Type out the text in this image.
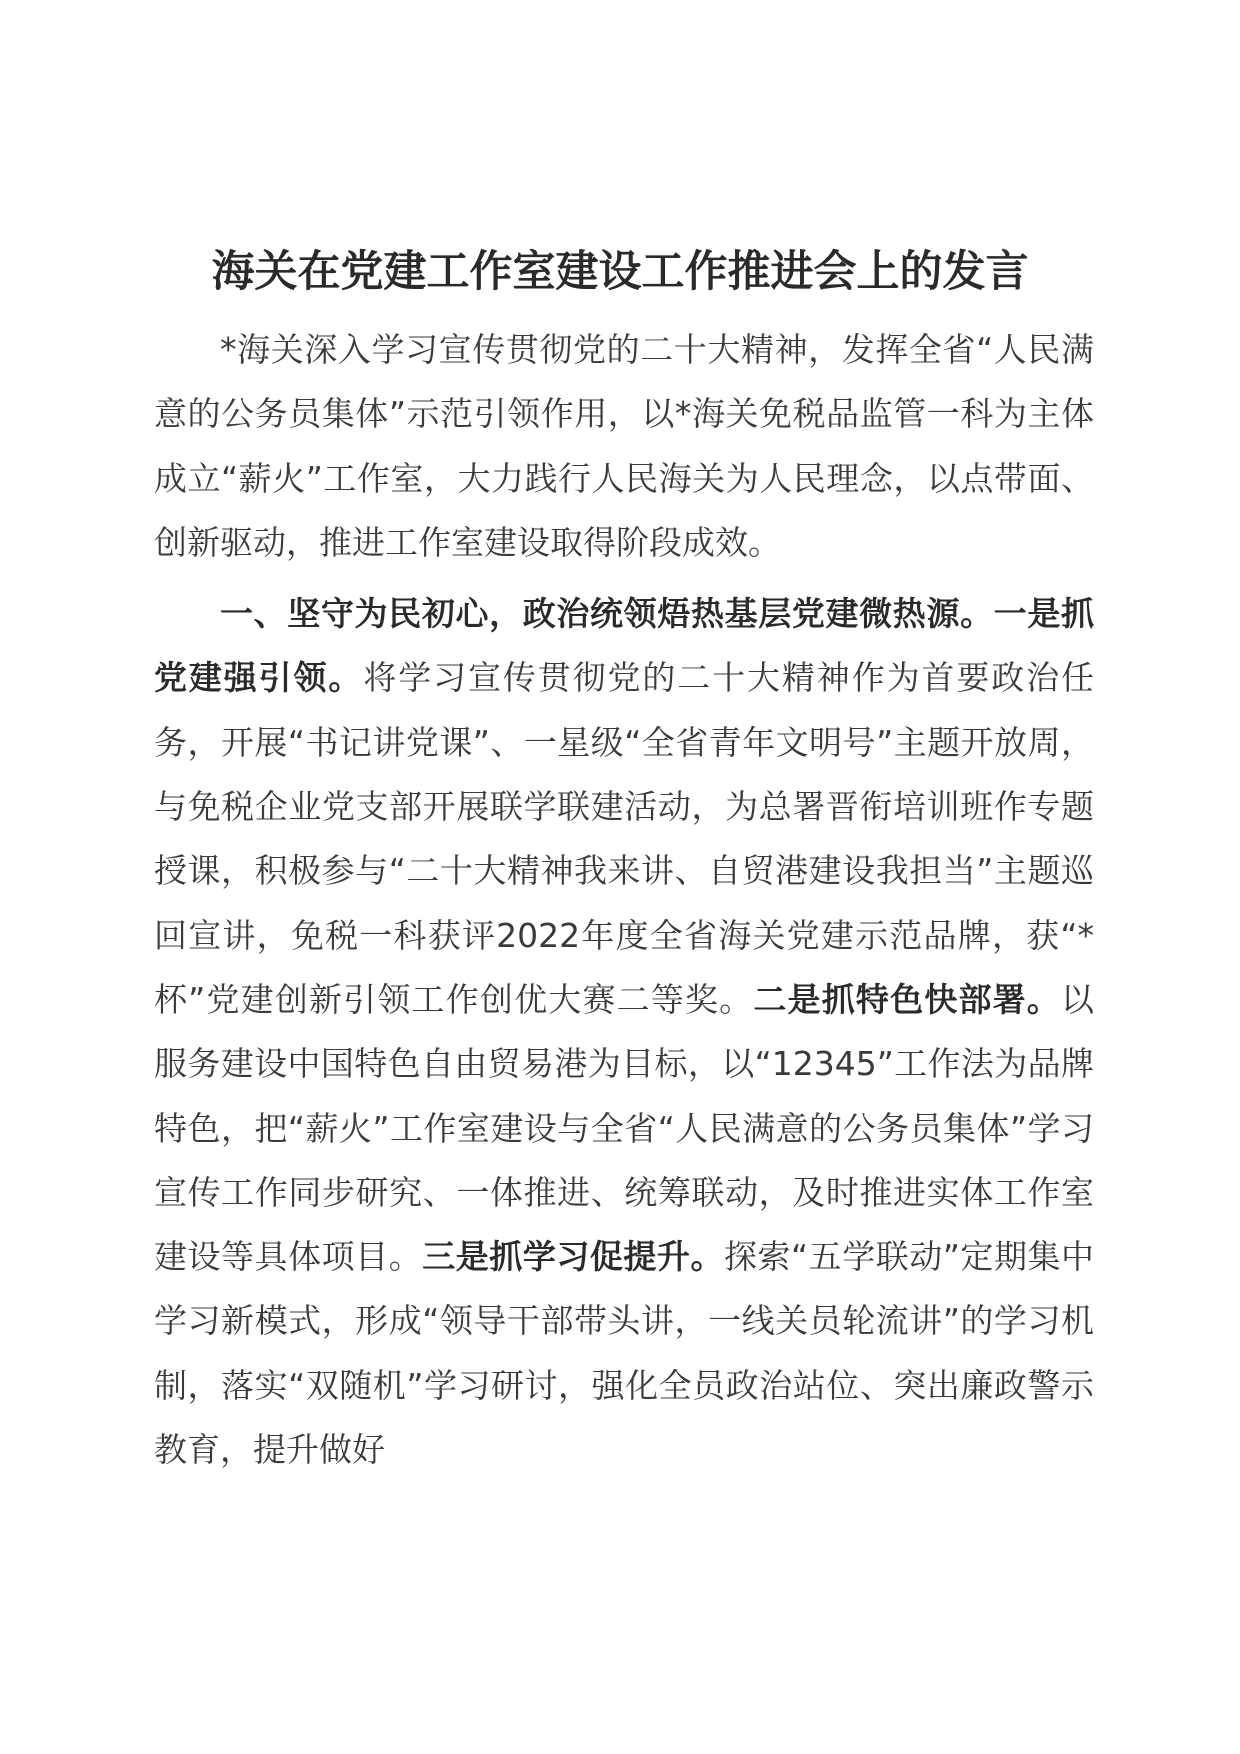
海关在党建工作室建设工作推进会上的发言

*海关深入学习宣传贯彻党的二十大精神，发挥全省“人民满意的公务员集体”示范引领作用，以*海关免税品监管一科为主体成立“薪火”工作室，大力践行人民海关为人民理念，以点带面、创新驱动，推进工作室建设取得阶段成效。

一、坚守为民初心，政治统领焐热基层党建微热源。一是抓党建强引领。将学习宣传贯彻党的二十大精神作为首要政治任务，开展“书记讲党课”、一星级“全省青年文明号”主题开放周，与免税企业党支部开展联学联建活动，为总署晋衔培训班作专题授课，积极参与“二十大精神我来讲、自贸港建设我担当”主题巡回宣讲，免税一科获评2022年度全省海关党建示范品牌，获“*杯”党建创新引领工作创优大赛二等奖。二是抓特色快部署。以服务建设中国特色自由贸易港为目标，以“12345”工作法为品牌特色，把“薪火”工作室建设与全省“人民满意的公务员集体”学习宣传工作同步研究、一体推进、统筹联动，及时推进实体工作室建设等具体项目。三是抓学习促提升。探索“五学联动”定期集中学习新模式，形成“领导干部带头讲，一线关员轮流讲”的学习机制，落实“双随机”学习研讨，强化全员政治站位、突出廉政警示教育，提升做好
